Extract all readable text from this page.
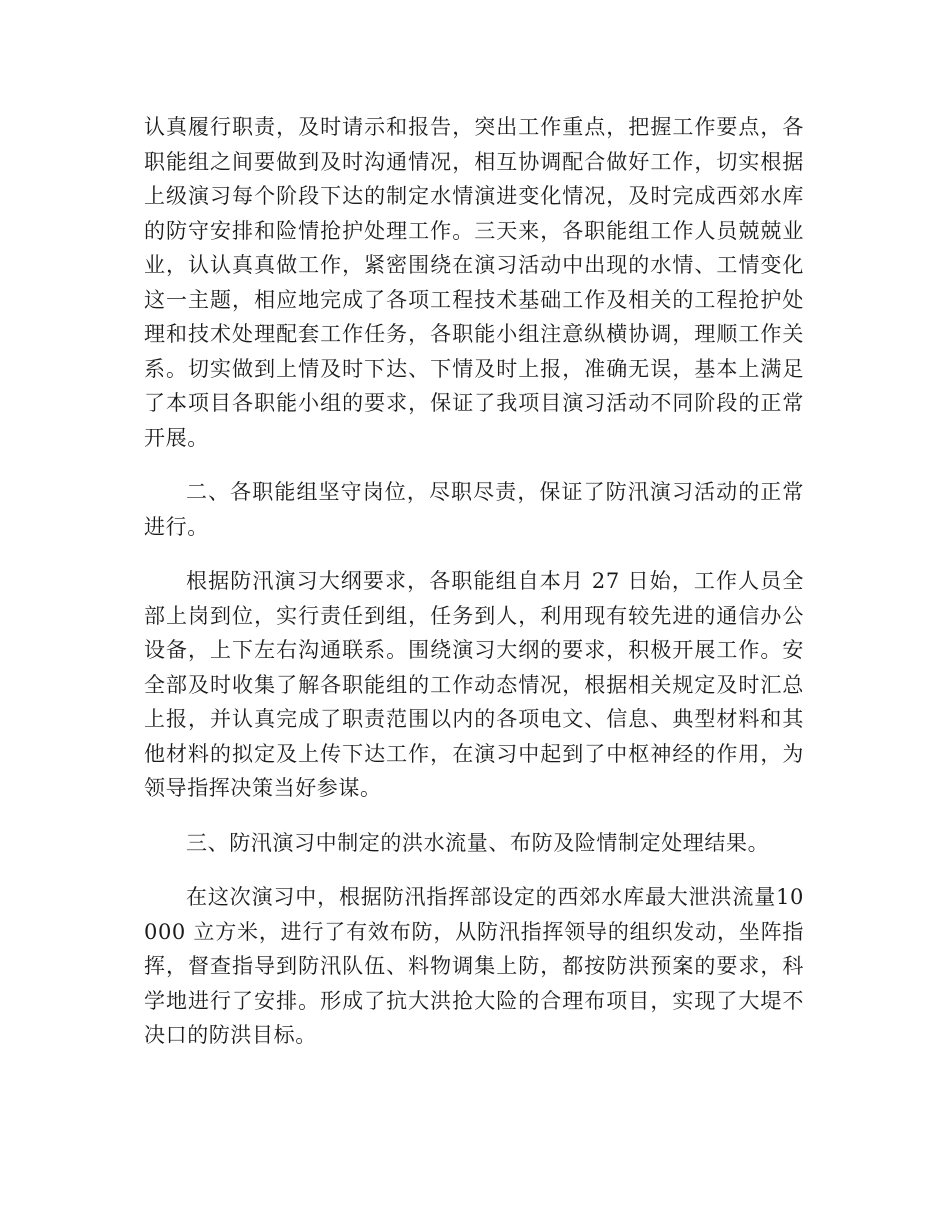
认真履行职责，及时请示和报告，突出工作重点，把握工作要点，各职能组之间要做到及时沟通情况，相互协调配合做好工作，切实根据上级演习每个阶段下达的制定水情演进变化情况，及时完成西郊水库的防守安排和险情抢护处理工作。三天来，各职能组工作人员兢兢业业，认认真真做工作，紧密围绕在演习活动中出现的水情、工情变化这一主题，相应地完成了各项工程技术基础工作及相关的工程抢护处理和技术处理配套工作任务，各职能小组注意纵横协调，理顺工作关系。切实做到上情及时下达、下情及时上报，准确无误，基本上满足了本项目各职能小组的要求，保证了我项目演习活动不同阶段的正常开展。

二、各职能组坚守岗位，尽职尽责，保证了防汛演习活动的正常进行。

根据防汛演习大纲要求，各职能组自本月 27 日始，工作人员全部上岗到位，实行责任到组，任务到人，利用现有较先进的通信办公设备，上下左右沟通联系。围绕演习大纲的要求，积极开展工作。安全部及时收集了解各职能组的工作动态情况，根据相关规定及时汇总上报，并认真完成了职责范围以内的各项电文、信息、典型材料和其他材料的拟定及上传下达工作，在演习中起到了中枢神经的作用，为领导指挥决策当好参谋。

三、防汛演习中制定的洪水流量、布防及险情制定处理结果。

在这次演习中，根据防汛指挥部设定的西郊水库最大泄洪流量10000 立方米，进行了有效布防，从防汛指挥领导的组织发动，坐阵指挥，督查指导到防汛队伍、料物调集上防，都按防洪预案的要求，科学地进行了安排。形成了抗大洪抢大险的合理布项目，实现了大堤不决口的防洪目标。
